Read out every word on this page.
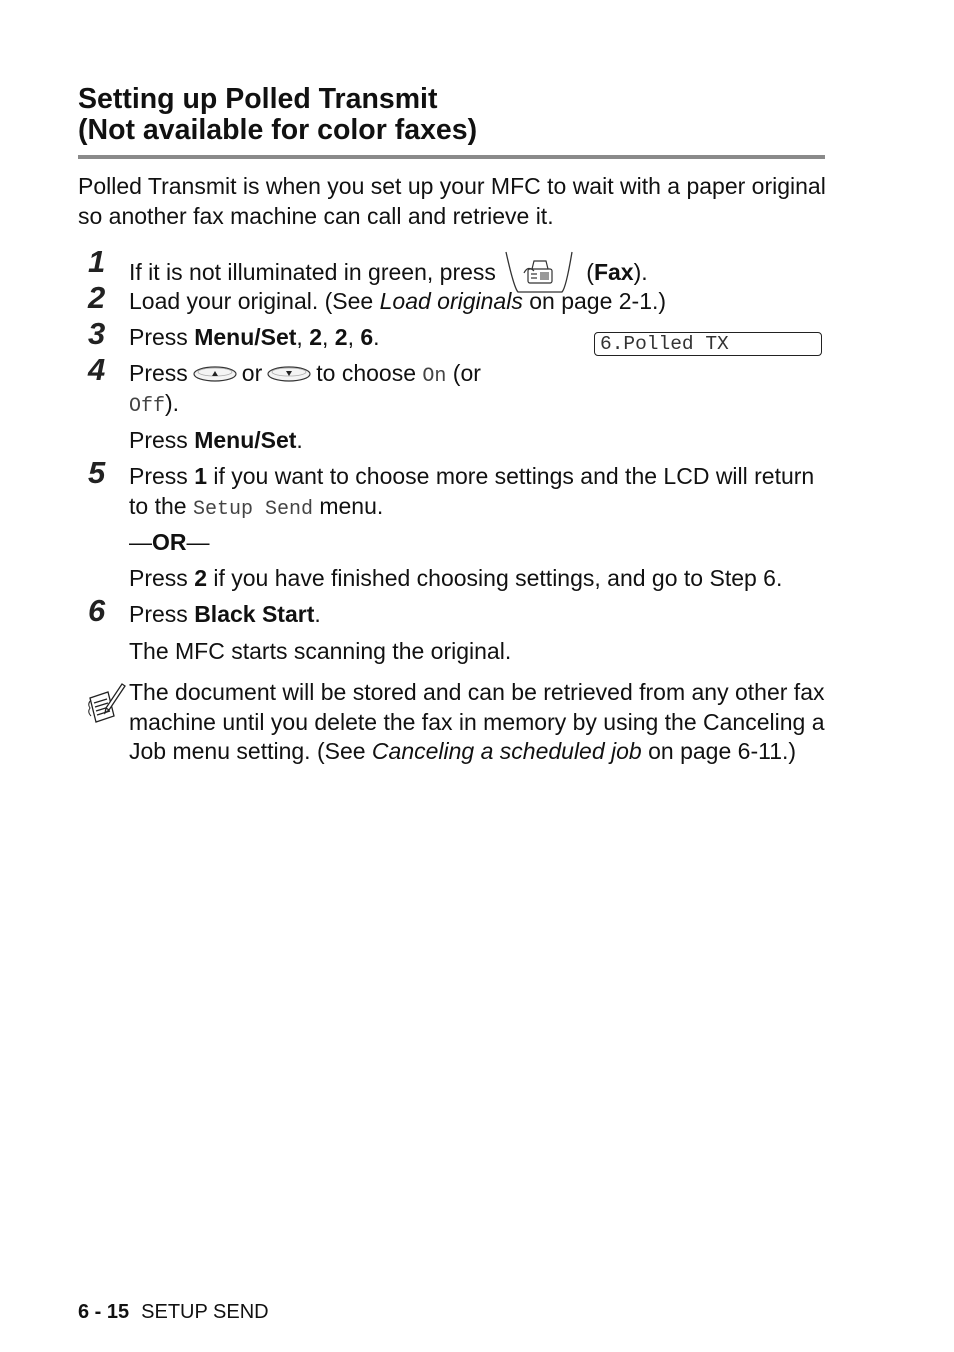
Setting up Polled Transmit
(Not available for color faxes)

Polled Transmit is when you set up your MFC to wait with a paper original so another fax machine can call and retrieve it.

1 If it is not illuminated in green, press	(Fax).

2 Load your original. (See Load originals on page 2-1.)

3 Press Menu/Set, 2, 2, 6.	6.Polled TX
4 Press or to choose On (or

Off).

Press Menu/Set.

5 Press 1 if you want to choose more settings and the LCD will return to the Setup Send menu.

—OR—

Press 2 if you have finished choosing settings, and go to Step 6.

6 Press Black Start.

The MFC starts scanning the original.

The document will be stored and can be retrieved from any other fax machine until you delete the fax in memory by using the Canceling a Job menu setting. (See Canceling a scheduled job on page 6-11.)

6 - 15 SETUP SEND
